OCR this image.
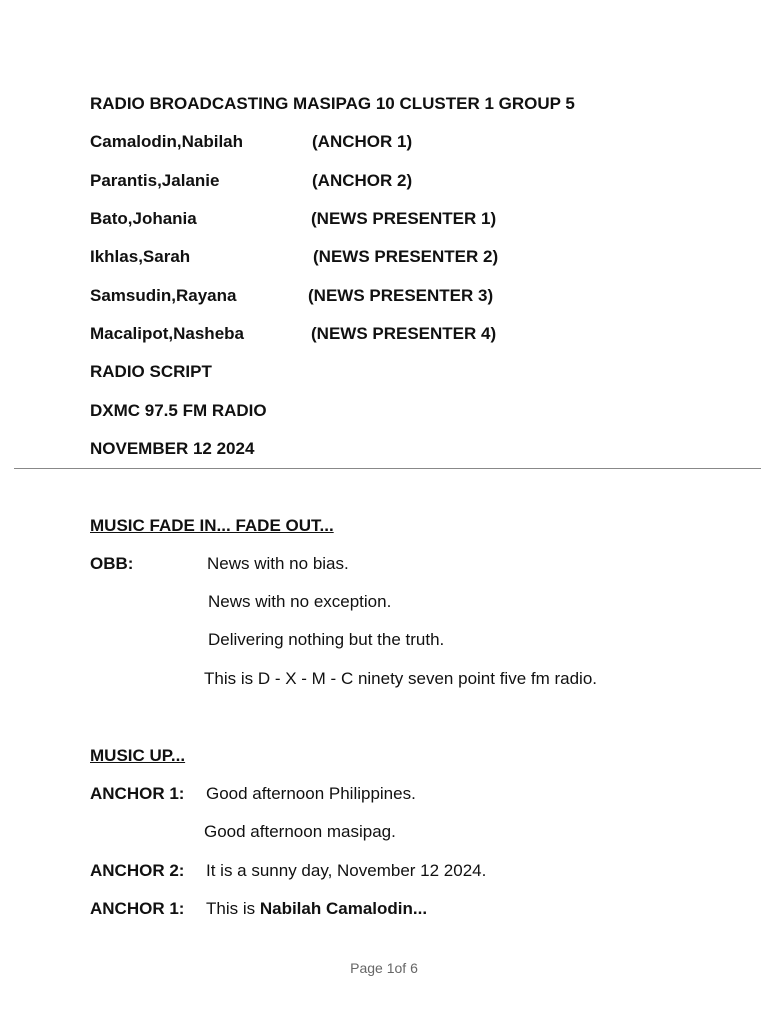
RADIO BROADCASTING MASIPAG 10 CLUSTER 1 GROUP 5
Camalodin,Nabilah	(ANCHOR 1)
Parantis,Jalanie	(ANCHOR 2)
Bato,Johania	(NEWS PRESENTER 1)
Ikhlas,Sarah	(NEWS PRESENTER 2)
Samsudin,Rayana	(NEWS PRESENTER 3)
Macalipot,Nasheba	(NEWS PRESENTER 4)
RADIO SCRIPT
DXMC 97.5 FM RADIO
NOVEMBER 12 2024
MUSIC FADE IN... FADE OUT...
OBB:	News with no bias.
News with no exception.
Delivering nothing but the truth.
This is D - X - M - C ninety seven point five fm radio.
MUSIC UP...
ANCHOR 1: Good afternoon Philippines.
Good afternoon masipag.
ANCHOR 2: It is a sunny day, November 12 2024.
ANCHOR 1: This is Nabilah Camalodin...
Page 1of 6
